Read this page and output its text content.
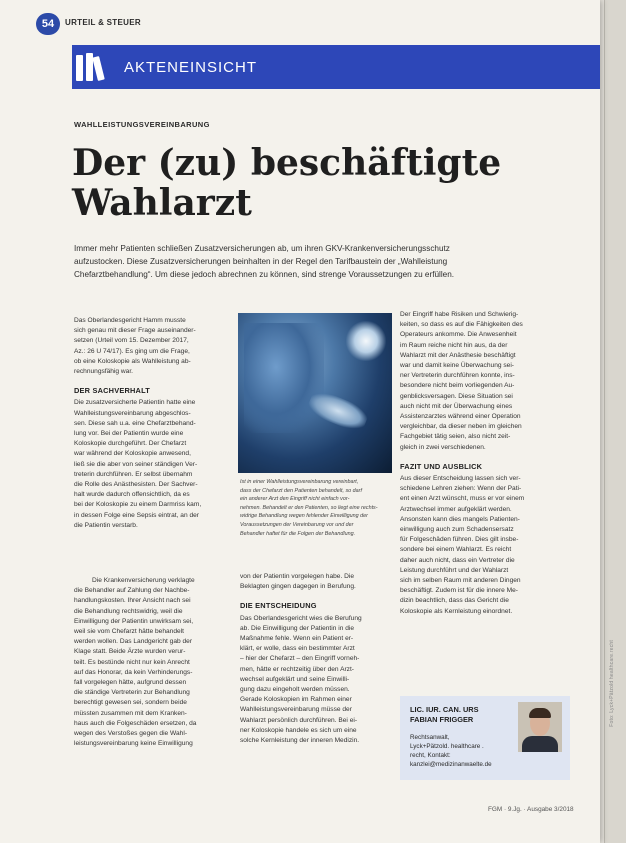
Foto: Lyck+Pätzold healthcare.recht
54	URTEIL & STEUER
AKTENEINSICHT
WAHLLEISTUNGSVEREINBARUNG
Der (zu) beschäftigte
Wahlarzt
Immer mehr Patienten schließen Zusatzversicherungen ab, um ihren GKV-Krankenversicherungsschutz
aufzustocken. Diese Zusatzversicherungen beinhalten in der Regel den Tarifbaustein der „Wahlleistung
Chefarztbehandlung“. Um diese jedoch abrechnen zu können, sind strenge Voraussetzungen zu erfüllen.
Das Oberlandesgericht Hamm musste
sich genau mit dieser Frage auseinander-
setzen (Urteil vom 15. Dezember 2017,
Az.: 26 U 74/17). Es ging um die Frage,
ob eine Koloskopie als Wahlleistung ab-
rechnungsfähig war.
DER SACHVERHALT
Die zusatzversicherte Patientin hatte eine
Wahlleistungsvereinbarung abgeschlos-
sen. Diese sah u.a. eine Chefarztbehand-
lung vor. Bei der Patientin wurde eine
Koloskopie durchgeführt. Der Chefarzt
war während der Koloskopie anwesend,
ließ sie die aber von seiner ständigen Ver-
treterin durchführen. Er selbst übernahm
die Rolle des Anästhesisten. Der Sachver-
halt wurde dadurch offensichtlich, da es
bei der Koloskopie zu einem Darmriss kam,
in dessen Folge eine Sepsis eintrat, an der
die Patientin verstarb.
Die Krankenversicherung verklagte
die Behandler auf Zahlung der Nachbe-
handlungskosten. Ihrer Ansicht nach sei
die Behandlung rechtswidrig, weil die
Einwilligung der Patientin unwirksam sei,
weil sie vom Chefarzt hätte behandelt
werden wollen. Das Landgericht gab der
Klage statt. Beide Ärzte wurden verur-
teilt. Es bestünde nicht nur kein Anrecht
auf das Honorar, da kein Verhinderungs-
fall vorgelegen hätte, aufgrund dessen
die ständige Vertreterin zur Behandlung
berechtigt gewesen sei, sondern beide
müssten zusammen mit dem Kranken-
haus auch die Folgeschäden ersetzen, da
wegen des Verstoßes gegen die Wahl-
leistungsvereinbarung keine Einwilligung
Ist in einer Wahlleistungsvereinbarung vereinbart,
dass der Chefarzt den Patienten behandelt, so darf
ein anderer Arzt den Eingriff nicht einfach vor-
nehmen. Behandelt er den Patienten, so liegt eine rechts-
widrige Behandlung wegen fehlender Einwilligung der
Voraussetzungen der Vereinbarung vor und der
Behandler haftet für die Folgen der Behandlung.
von der Patientin vorgelegen habe. Die
Beklagten gingen dagegen in Berufung.
DIE ENTSCHEIDUNG
Das Oberlandesgericht wies die Berufung
ab. Die Einwilligung der Patientin in die
Maßnahme fehle. Wenn ein Patient er-
klärt, er wolle, dass ein bestimmter Arzt
– hier der Chefarzt – den Eingriff vorneh-
men, hätte er rechtzeitig über den Arzt-
wechsel aufgeklärt und seine Einwilli-
gung dazu eingeholt werden müssen.
Gerade Koloskopien im Rahmen einer
Wahlleistungsvereinbarung müsse der
Wahlarzt persönlich durchführen. Bei ei-
ner Koloskopie handele es sich um eine
solche Kernleistung der inneren Medizin.
Der Eingriff habe Risiken und Schwierig-
keiten, so dass es auf die Fähigkeiten des
Operateurs ankomme. Die Anwesenheit
im Raum reiche nicht hin aus, da der
Wahlarzt mit der Anästhesie beschäftigt
war und damit keine Überwachung sei-
ner Vertreterin durchführen konnte, ins-
besondere nicht beim vorliegenden Au-
genblicksversagen. Diese Situation sei
auch nicht mit der Überwachung eines
Assistenzarztes während einer Operation
vergleichbar, da dieser neben im gleichen
Fachgebiet tätig seien, also nicht zeit-
gleich in zwei verschiedenen.
FAZIT UND AUSBLICK
Aus dieser Entscheidung lassen sich ver-
schiedene Lehren ziehen: Wenn der Pati-
ent einen Arzt wünscht, muss er vor einem
Arztwechsel immer aufgeklärt werden.
Ansonsten kann dies mangels Patienten-
einwilligung auch zum Schadensersatz
für Folgeschäden führen. Dies gilt insbe-
sondere bei einem Wahlarzt. Es reicht
daher auch nicht, dass ein Vertreter die
Leistung durchführt und der Wahlarzt
sich im selben Raum mit anderen Dingen
beschäftigt. Zudem ist für die innere Me-
dizin beachtlich, dass das Gericht die
Koloskopie als Kernleistung einordnet.
LIC. IUR. CAN. URS
FABIAN FRIGGER
Rechtsanwalt,
Lyck+Pätzold. healthcare .
recht, Kontakt:
kanzlei@medizinanwaelte.de
FGM · 9.Jg. · Ausgabe 3/2018
